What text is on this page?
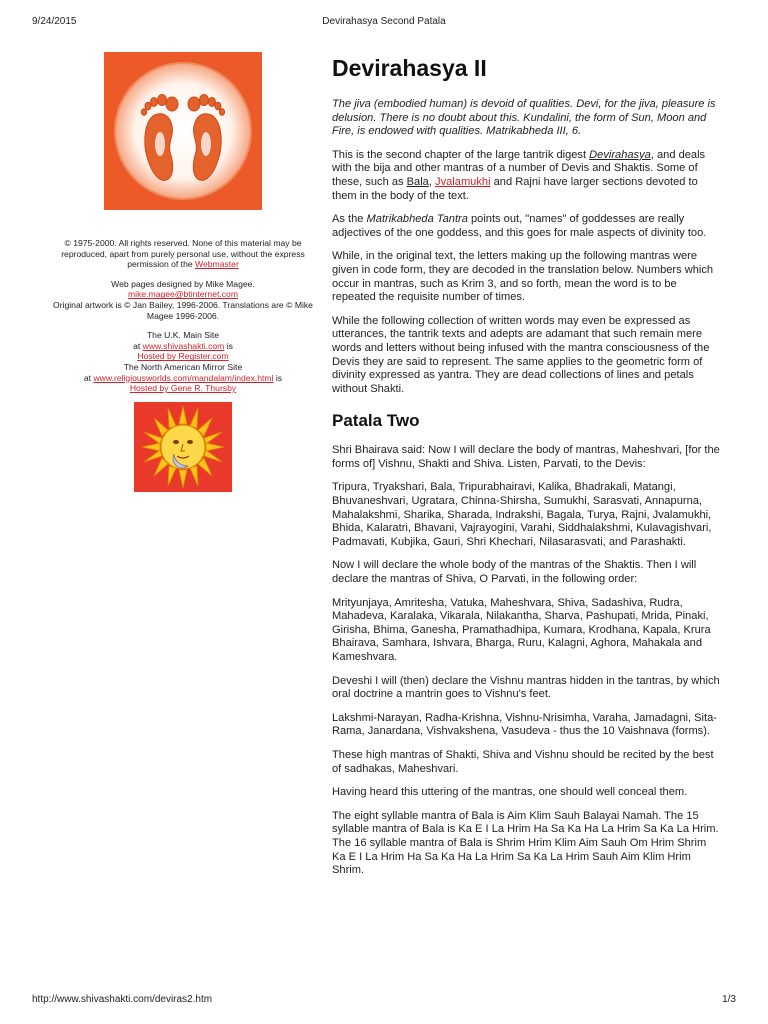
9/24/2015	Devirahasya Second Patala

© 1975-2000. All rights reserved. None of this material may be reproduced, apart from purely personal use, without the express permission of the Webmaster

Web pages designed by Mike Magee.

mike.magee@btinternet.com

Original artwork is © Jan Bailey, 1996-2006. Translations are © Mike Magee 1996-2006.

The U.K. Main Site

at www.shivashakti.com is

Hosted by Register.com

The North American Mirror Site

at www.religiousworlds.com/mandalam/index.html is

Hosted by Gene R. Thursby

Devirahasya II

The jiva (embodied human) is devoid of qualities. Devi, for the jiva, pleasure is delusion. There is no doubt about this. Kundalini, the form of Sun, Moon and Fire, is endowed with qualities. Matrikabheda III, 6.

This is the second chapter of the large tantrik digest Devirahasya, and deals with the bija and other mantras of a number of Devis and Shaktis. Some of these, such as Bala, Jvalamukhi and Rajni have larger sections devoted to them in the body of the text.

As the Matrikabheda Tantra points out, "names" of goddesses are really adjectives of the one goddess, and this goes for male aspects of divinity too.

While, in the original text, the letters making up the following mantras were given in code form, they are decoded in the translation below. Numbers which occur in mantras, such as Krim 3, and so forth, mean the word is to be repeated the requisite number of times.

While the following collection of written words may even be expressed as utterances, the tantrik texts and adepts are adamant that such remain mere words and letters without being infused with the mantra consciousness of the Devis they are said to represent. The same applies to the geometric form of divinity expressed as yantra. They are dead collections of lines and petals without Shakti.

Patala Two

Shri Bhairava said: Now I will declare the body of mantras, Maheshvari, [for the forms of] Vishnu, Shakti and Shiva. Listen, Parvati, to the Devis:

Tripura, Tryakshari, Bala, Tripurabhairavi, Kalika, Bhadrakali, Matangi, Bhuvaneshvari, Ugratara, Chinna-Shirsha, Sumukhi, Sarasvati, Annapurna, Mahalakshmi, Sharika, Sharada, Indrakshi, Bagala, Turya, Rajni, Jvalamukhi, Bhida, Kalaratri, Bhavani, Vajrayogini, Varahi, Siddhalakshmi, Kulavagishvari, Padmavati, Kubjika, Gauri, Shri Khechari, Nilasarasvati, and Parashakti.

Now I will declare the whole body of the mantras of the Shaktis. Then I will declare the mantras of Shiva, O Parvati, in the following order:

Mrityunjaya, Amritesha, Vatuka, Maheshvara, Shiva, Sadashiva, Rudra, Mahadeva, Karalaka, Vikarala, Nilakantha, Sharva, Pashupati, Mrida, Pinaki, Girisha, Bhima, Ganesha, Pramathadhipa, Kumara, Krodhana, Kapala, Krura Bhairava, Samhara, Ishvara, Bharga, Ruru, Kalagni, Aghora, Mahakala and Kameshvara.

Deveshi I will (then) declare the Vishnu mantras hidden in the tantras, by which oral doctrine a mantrin goes to Vishnu's feet.

Lakshmi-Narayan, Radha-Krishna, Vishnu-Nrisimha, Varaha, Jamadagni, Sita-Rama, Janardana, Vishvakshena, Vasudeva - thus the 10 Vaishnava (forms).

These high mantras of Shakti, Shiva and Vishnu should be recited by the best of sadhakas, Maheshvari.

Having heard this uttering of the mantras, one should well conceal them.

The eight syllable mantra of Bala is Aim Klim Sauh Balayai Namah. The 15 syllable mantra of Bala is Ka E I La Hrim Ha Sa Ka Ha La Hrim Sa Ka La Hrim. The 16 syllable mantra of Bala is Shrim Hrim Klim Aim Sauh Om Hrim Shrim Ka E I La Hrim Ha Sa Ka Ha La Hrim Sa Ka La Hrim Sauh Aim Klim Hrim Shrim.

http://www.shivashakti.com/deviras2.htm	1/3
